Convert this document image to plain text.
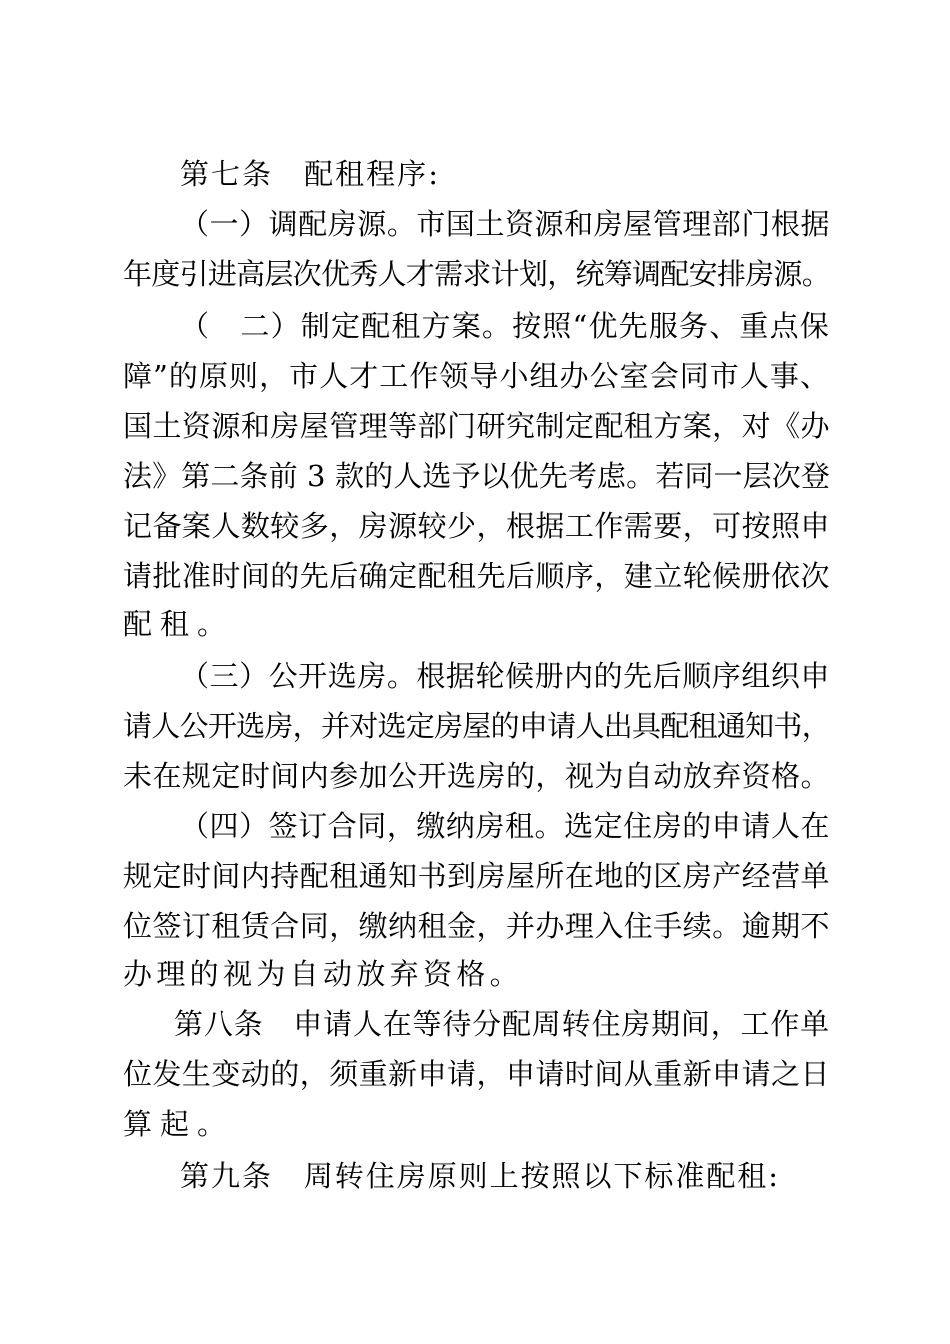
第七条　配租程序:
（一）调配房源。市国土资源和房屋管理部门根据
年度引进高层次优秀人才需求计划，统筹调配安排房源。
（　二）制定配租方案。按照“优先服务、重点保
障”的原则，市人才工作领导小组办公室会同市人事、
国土资源和房屋管理等部门研究制定配租方案，对《办
法》第二条前 3 款的人选予以优先考虑。若同一层次登
记备案人数较多，房源较少，根据工作需要，可按照申
请批准时间的先后确定配租先后顺序，建立轮候册依次
配租。
（三）公开选房。根据轮候册内的先后顺序组织申
请人公开选房，并对选定房屋的申请人出具配租通知书，
未在规定时间内参加公开选房的，视为自动放弃资格。
（四）签订合同，缴纳房租。选定住房的申请人在
规定时间内持配租通知书到房屋所在地的区房产经营单
位签订租赁合同，缴纳租金，并办理入住手续。逾期不
办理的视为自动放弃资格。
第八条　申请人在等待分配周转住房期间，工作单
位发生变动的，须重新申请，申请时间从重新申请之日
算起。
第九条　周转住房原则上按照以下标准配租:
